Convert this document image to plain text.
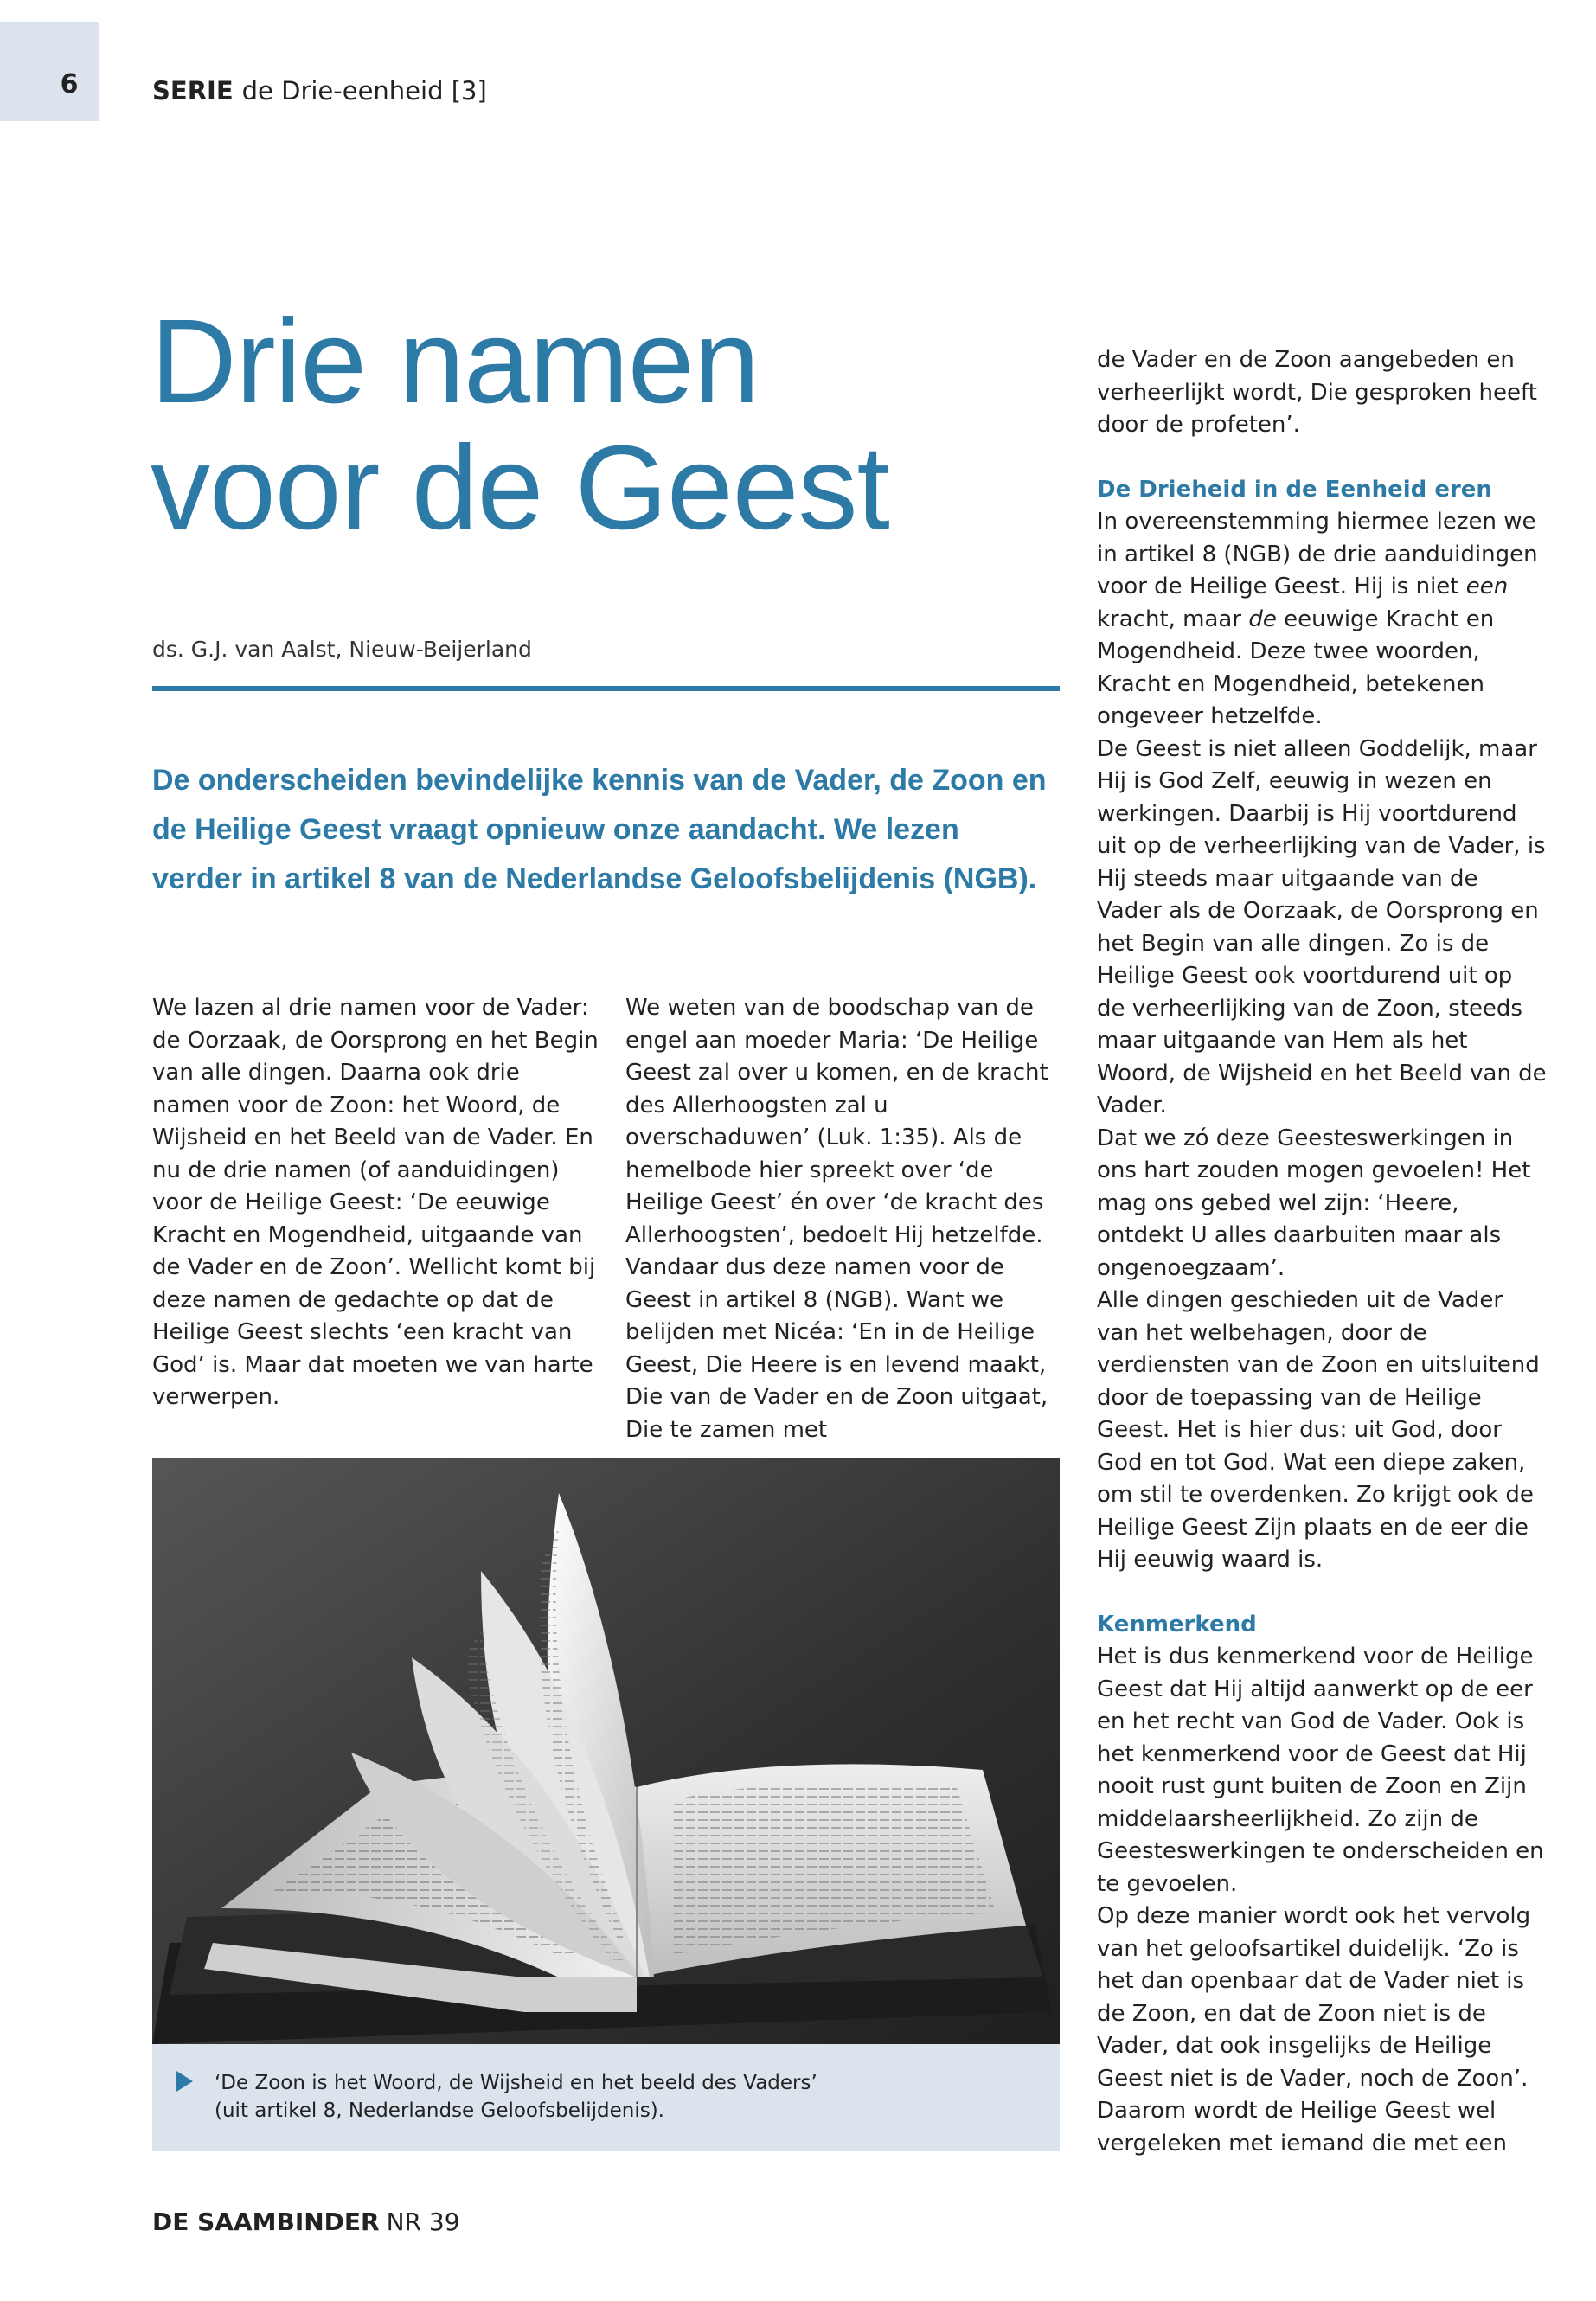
6	SERIE de Drie-eenheid [3]
Drie namen
voor de Geest
ds. G.J. van Aalst, Nieuw-Beijerland
De onderscheiden bevindelijke kennis van de Vader, de Zoon en de Heilige Geest vraagt opnieuw onze aandacht. We lezen verder in artikel 8 van de Nederlandse Geloofsbelijdenis (NGB).

We lazen al drie namen voor de Vader: de Oorzaak, de Oorsprong en het Begin van alle dingen. Daarna ook drie namen voor de Zoon: het Woord, de Wijsheid en het Beeld van de Vader. En nu de drie namen (of aanduidingen) voor de Heilige Geest: ‘De eeuwige Kracht en Mogendheid, uitgaande van de Vader en de Zoon’. Wellicht komt bij deze namen de gedachte op dat de Heilige Geest slechts ‘een kracht van God’ is. Maar dat moeten we van harte verwerpen.

We weten van de boodschap van de engel aan moeder Maria: ‘De Heilige Geest zal over u komen, en de kracht des Allerhoogsten zal u overschaduwen’ (Luk. 1:35). Als de hemelbode hier spreekt over ‘de Heilige Geest’ én over ‘de kracht des Allerhoogsten’, bedoelt Hij hetzelfde. Vandaar dus deze namen voor de Geest in artikel 8 (NGB). Want we belijden met Nicéa: ‘En in de Heilige Geest, Die Heere is en levend maakt, Die van de Vader en de Zoon uitgaat, Die te zamen met

de Vader en de Zoon aangebeden en verheerlijkt wordt, Die gesproken heeft door de profeten’.

De Drieheid in de Eenheid eren

In overeenstemming hiermee lezen we in artikel 8 (NGB) de drie aanduidingen voor de Heilige Geest. Hij is niet een kracht, maar de eeuwige Kracht en Mogendheid. Deze twee woorden, Kracht en Mogendheid, betekenen ongeveer hetzelfde.

De Geest is niet alleen Goddelijk, maar Hij is God Zelf, eeuwig in wezen en werkingen. Daarbij is Hij voortdurend uit op de verheerlijking van de Vader, is Hij steeds maar uitgaande van de Vader als de Oorzaak, de Oorsprong en het Begin van alle dingen. Zo is de Heilige Geest ook voortdurend uit op de verheerlijking van de Zoon, steeds maar uitgaande van Hem als het Woord, de Wijsheid en het Beeld van de Vader.

Dat we zó deze Geesteswerkingen in ons hart zouden mogen gevoelen! Het mag ons gebed wel zijn: ‘Heere, ontdekt U alles daarbuiten maar als ongenoegzaam’.

Alle dingen geschieden uit de Vader van het welbehagen, door de verdiensten van de Zoon en uitsluitend door de toepassing van de Heilige Geest. Het is hier dus: uit God, door God en tot God. Wat een diepe zaken, om stil te overdenken. Zo krijgt ook de Heilige Geest Zijn plaats en de eer die Hij eeuwig waard is.

Kenmerkend

Het is dus kenmerkend voor de Heilige Geest dat Hij altijd aanwerkt op de eer en het recht van God de Vader. Ook is het kenmerkend voor de Geest dat Hij nooit rust gunt buiten de Zoon en Zijn middelaarsheerlijkheid. Zo zijn de Geesteswerkingen te onderscheiden en te gevoelen.

Op deze manier wordt ook het vervolg van het geloofsartikel duidelijk. ‘Zo is het dan openbaar dat de Vader niet is de Zoon, en dat de Zoon niet is de Vader, dat ook insgelijks de Heilige Geest niet is de Vader, noch de Zoon’. Daarom wordt de Heilige Geest wel vergeleken met iemand die met een

‘De Zoon is het Woord, de Wijsheid en het beeld des Vaders’

(uit artikel 8, Nederlandse Geloofsbelijdenis).

DE SAAMBINDER NR 39
